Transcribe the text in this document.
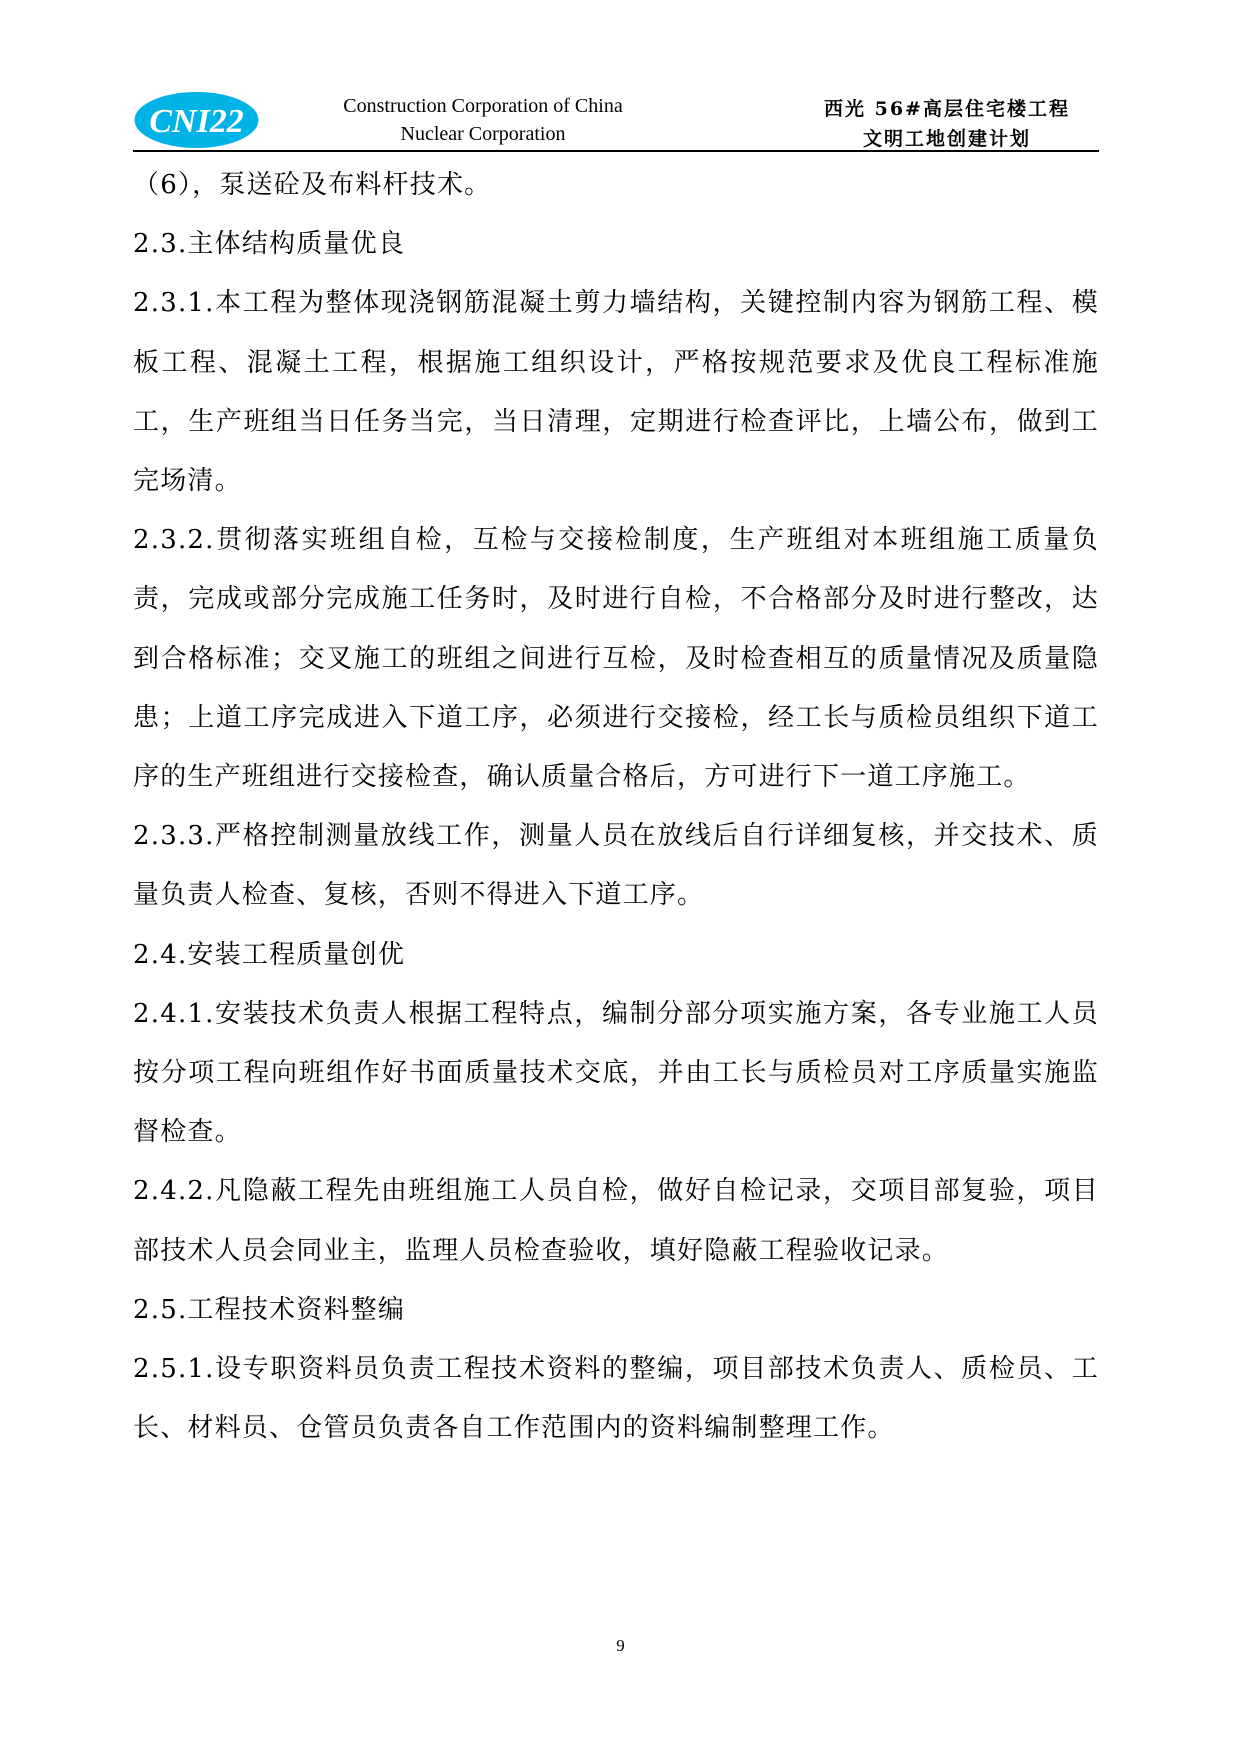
CNI22	Construction Corporation of China
Nuclear Corporation
西光 56#高层住宅楼工程
文明工地创建计划

（6），泵送砼及布料杆技术。

2.3.主体结构质量优良

2.3.1.本工程为整体现浇钢筋混凝土剪力墙结构，关键控制内容为钢筋工程、模板工程、混凝土工程，根据施工组织设计，严格按规范要求及优良工程标准施工，生产班组当日任务当完，当日清理，定期进行检查评比，上墙公布，做到工完场清。

2.3.2.贯彻落实班组自检，互检与交接检制度，生产班组对本班组施工质量负责，完成或部分完成施工任务时，及时进行自检，不合格部分及时进行整改，达到合格标准；交叉施工的班组之间进行互检，及时检查相互的质量情况及质量隐患；上道工序完成进入下道工序，必须进行交接检，经工长与质检员组织下道工序的生产班组进行交接检查，确认质量合格后，方可进行下一道工序施工。

2.3.3.严格控制测量放线工作，测量人员在放线后自行详细复核，并交技术、质量负责人检查、复核，否则不得进入下道工序。

2.4.安装工程质量创优

2.4.1.安装技术负责人根据工程特点，编制分部分项实施方案，各专业施工人员按分项工程向班组作好书面质量技术交底，并由工长与质检员对工序质量实施监督检查。

2.4.2.凡隐蔽工程先由班组施工人员自检，做好自检记录，交项目部复验，项目部技术人员会同业主，监理人员检查验收，填好隐蔽工程验收记录。

2.5.工程技术资料整编

2.5.1.设专职资料员负责工程技术资料的整编，项目部技术负责人、质检员、工长、材料员、仓管员负责各自工作范围内的资料编制整理工作。

9
